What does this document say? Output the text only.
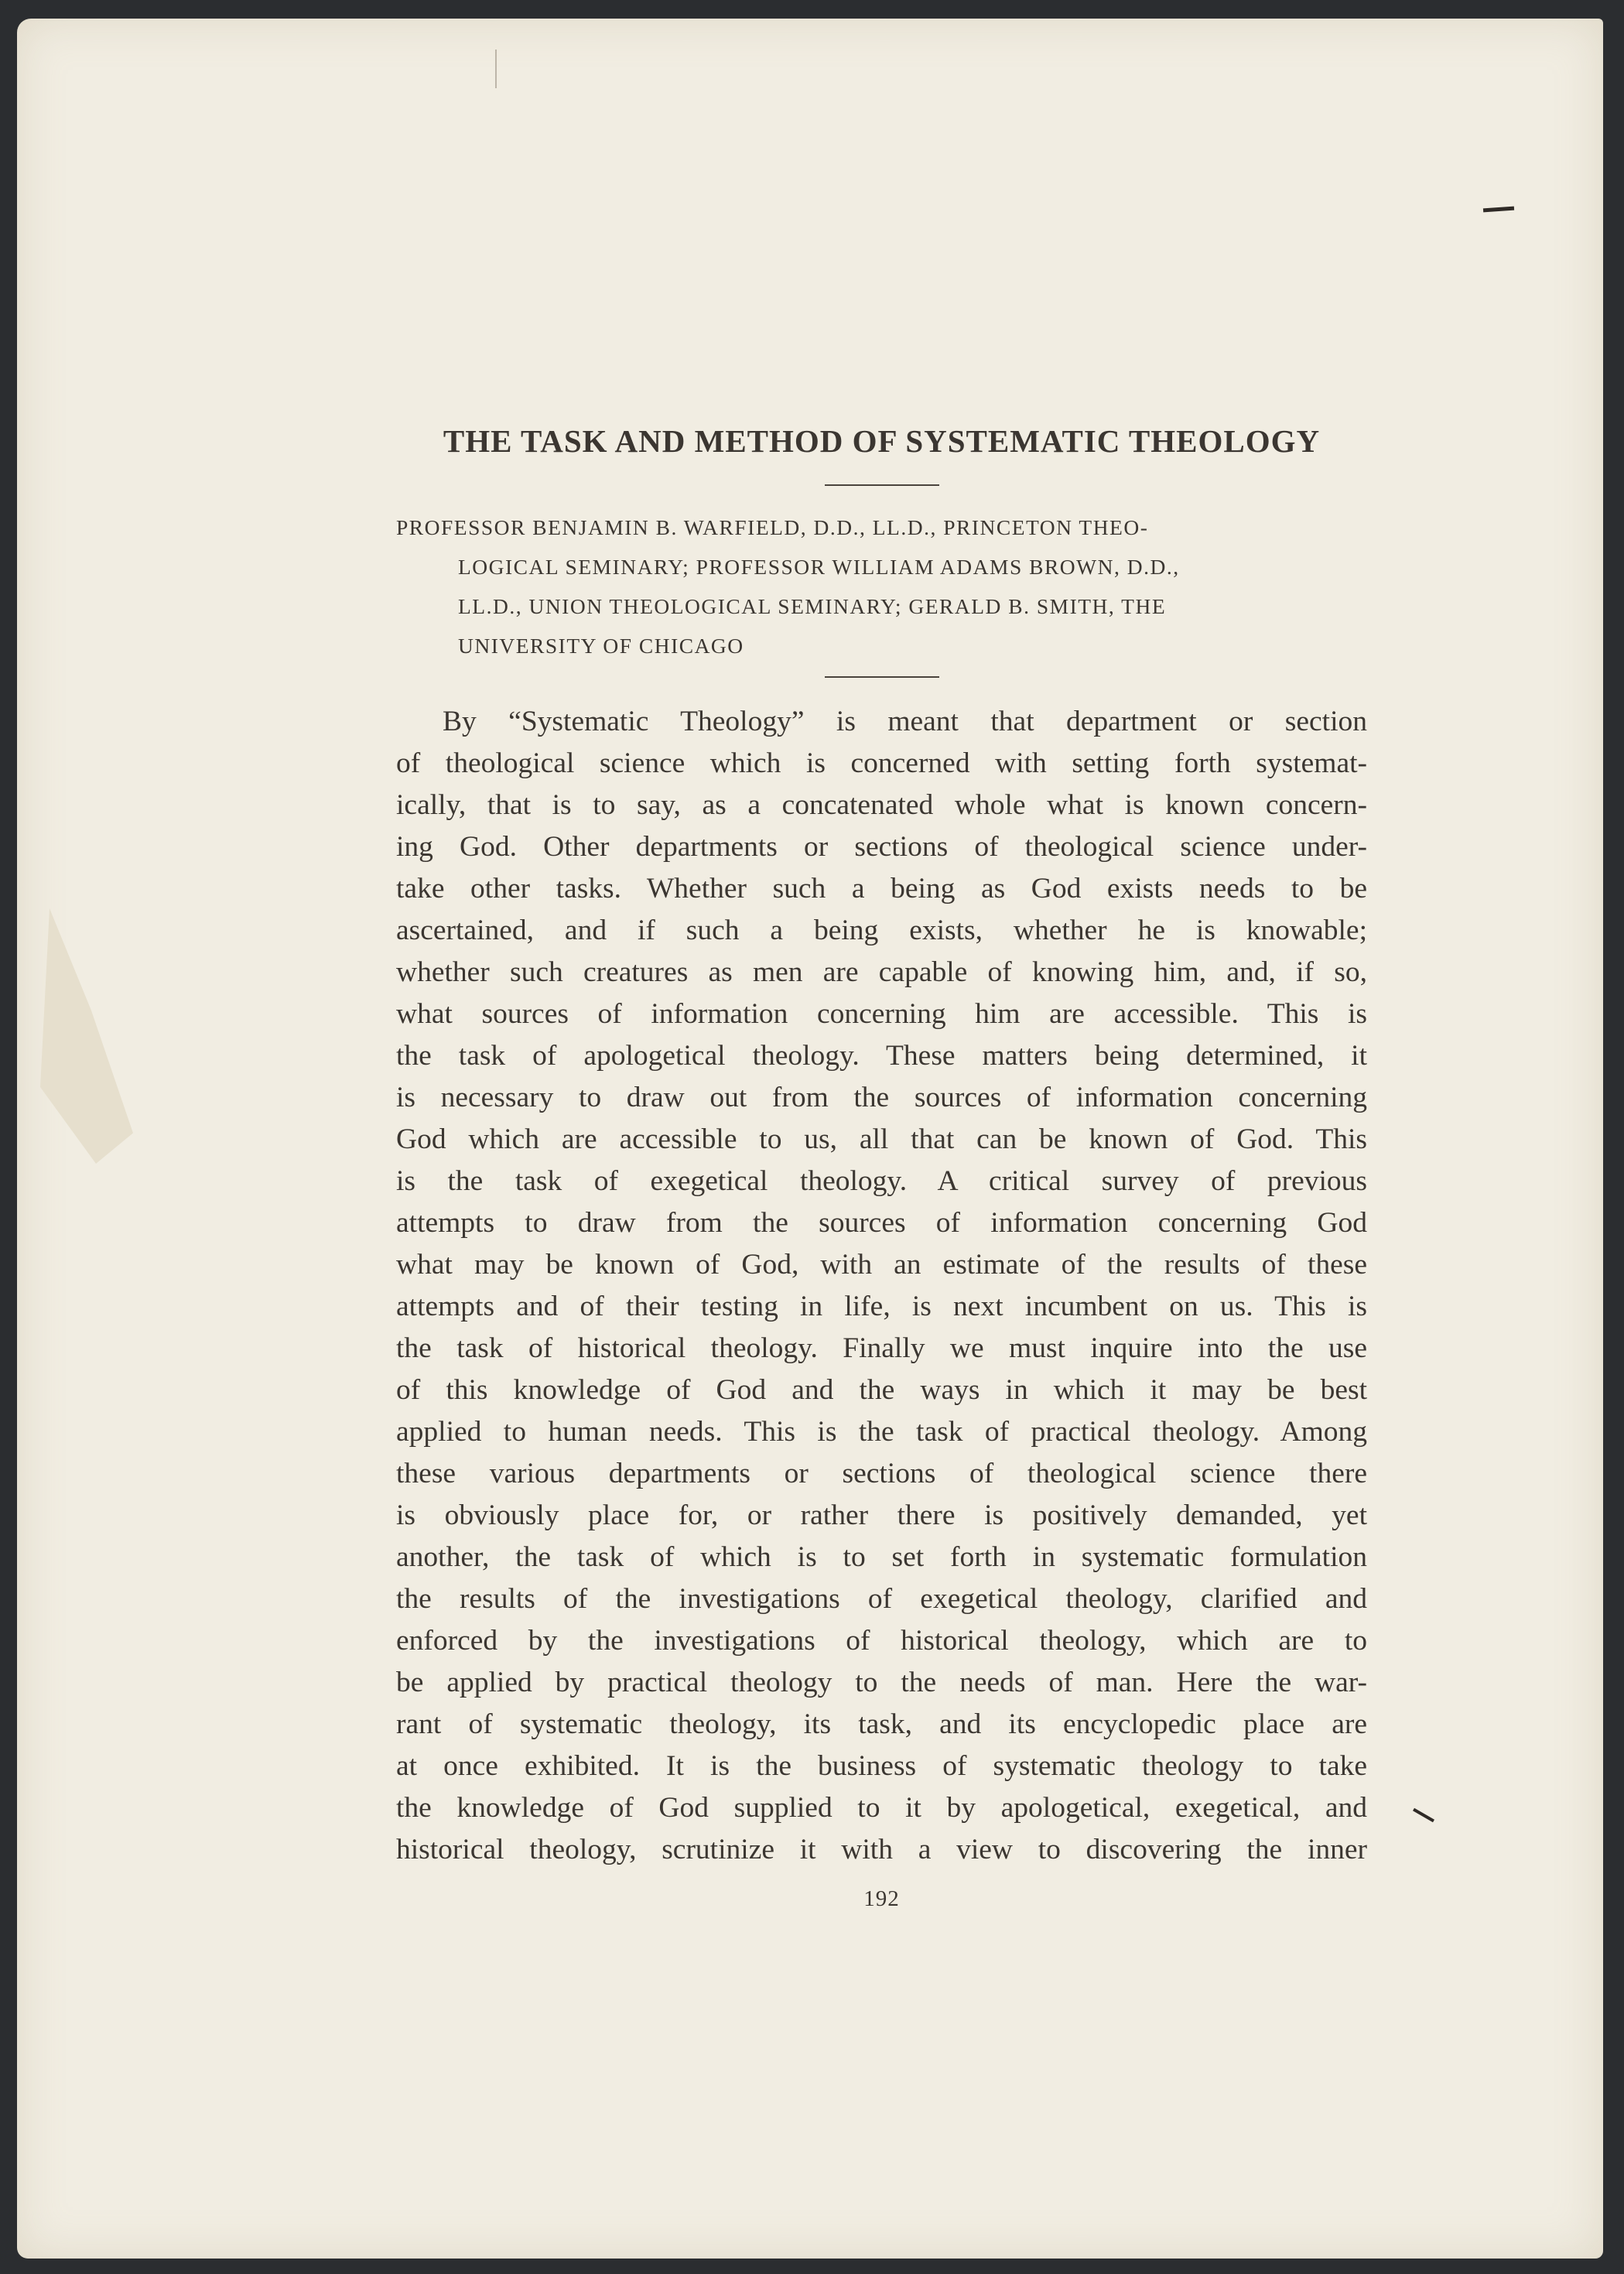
THE TASK AND METHOD OF SYSTEMATIC THEOLOGY
PROFESSOR BENJAMIN B. WARFIELD, D.D., LL.D., PRINCETON THEO-
LOGICAL SEMINARY; PROFESSOR WILLIAM ADAMS BROWN, D.D.,
LL.D., UNION THEOLOGICAL SEMINARY; GERALD B. SMITH, THE
UNIVERSITY OF CHICAGO
By “Systematic Theology” is meant that department or section
of theological science which is concerned with setting forth systemat-
ically, that is to say, as a concatenated whole what is known concern-
ing God. Other departments or sections of theological science under-
take other tasks. Whether such a being as God exists needs to be
ascertained, and if such a being exists, whether he is knowable;
whether such creatures as men are capable of knowing him, and, if so,
what sources of information concerning him are accessible. This is
the task of apologetical theology. These matters being determined, it
is necessary to draw out from the sources of information concerning
God which are accessible to us, all that can be known of God. This
is the task of exegetical theology. A critical survey of previous
attempts to draw from the sources of information concerning God
what may be known of God, with an estimate of the results of these
attempts and of their testing in life, is next incumbent on us. This is
the task of historical theology. Finally we must inquire into the use
of this knowledge of God and the ways in which it may be best
applied to human needs. This is the task of practical theology. Among
these various departments or sections of theological science there
is obviously place for, or rather there is positively demanded, yet
another, the task of which is to set forth in systematic formulation
the results of the investigations of exegetical theology, clarified and
enforced by the investigations of historical theology, which are to
be applied by practical theology to the needs of man. Here the war-
rant of systematic theology, its task, and its encyclopedic place are
at once exhibited. It is the business of systematic theology to take
the knowledge of God supplied to it by apologetical, exegetical, and
historical theology, scrutinize it with a view to discovering the inner
192
